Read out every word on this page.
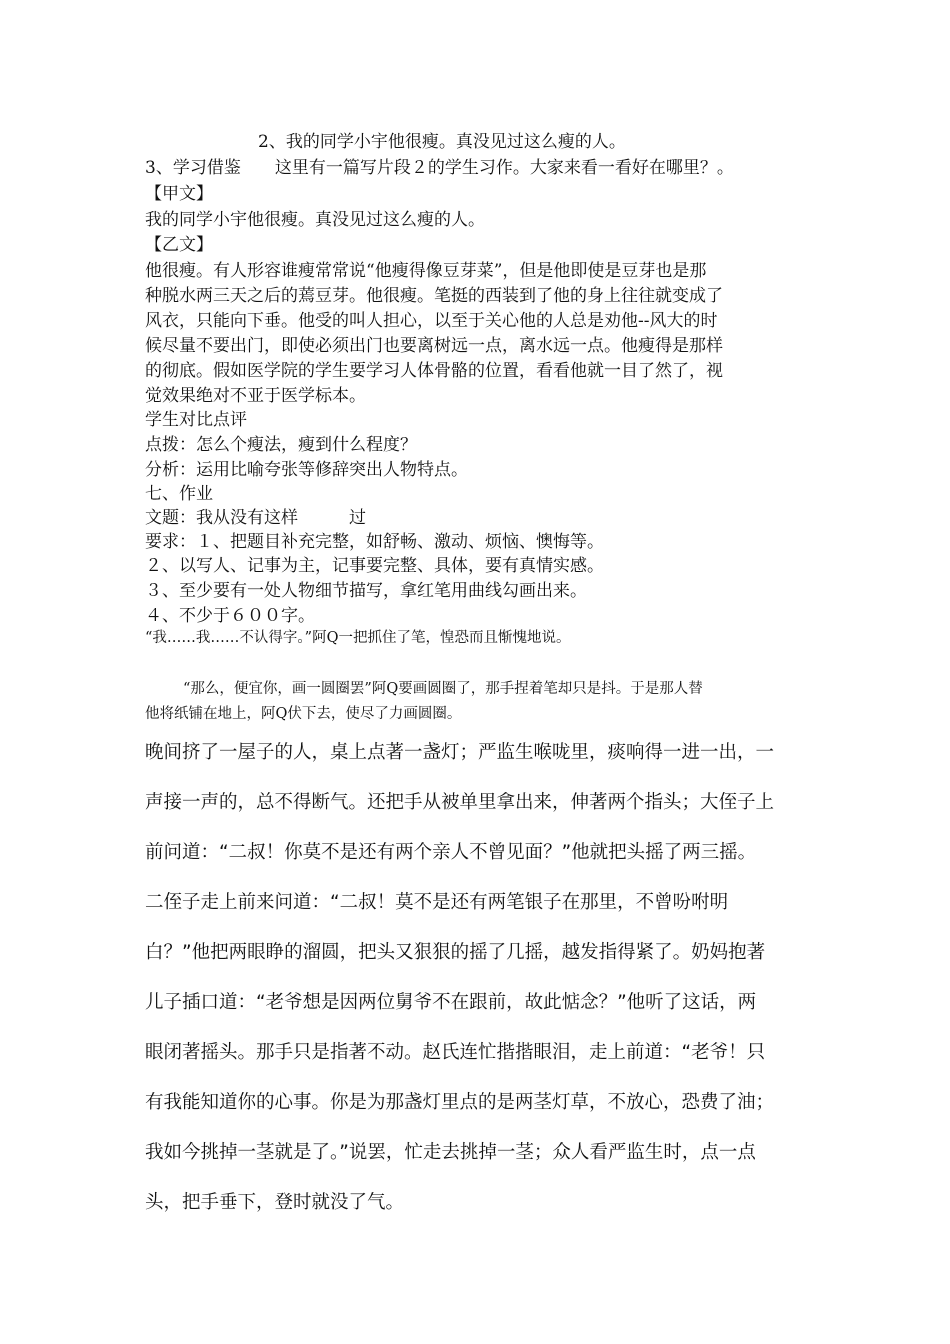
2、我的同学小宇他很瘦。真没见过这么瘦的人。
3、学习借鉴　　这里有一篇写片段２的学生习作。大家来看一看好在哪里？。
【甲文】
我的同学小宇他很瘦。真没见过这么瘦的人。
【乙文】
他很瘦。有人形容谁瘦常常说“他瘦得像豆芽菜”，但是他即使是豆芽也是那
种脱水两三天之后的蔫豆芽。他很瘦。笔挺的西装到了他的身上往往就变成了
风衣，只能向下垂。他受的叫人担心，以至于关心他的人总是劝他--风大的时
候尽量不要出门，即使必须出门也要离树远一点，离水远一点。他瘦得是那样
的彻底。假如医学院的学生要学习人体骨骼的位置，看看他就一目了然了，视
觉效果绝对不亚于医学标本。
学生对比点评
点拨：怎么个瘦法，瘦到什么程度？
分析：运用比喻夸张等修辞突出人物特点。
七、作业
文题：我从没有这样　　　过
要求：１、把题目补充完整，如舒畅、激动、烦恼、懊悔等。
２、以写人、记事为主，记事要完整、具体，要有真情实感。
３、至少要有一处人物细节描写，拿红笔用曲线勾画出来。
４、不少于６００字。
“我……我……不认得字。”阿Q一把抓住了笔，惶恐而且惭愧地说。
“那么，便宜你，画一圆圈罢”阿Q要画圆圈了，那手捏着笔却只是抖。于是那人替
他将纸铺在地上，阿Q伏下去，使尽了力画圆圈。
晚间挤了一屋子的人，桌上点著一盏灯；严监生喉咙里，痰响得一进一出，一
声接一声的，总不得断气。还把手从被单里拿出来，伸著两个指头；大侄子上
前问道：“二叔！你莫不是还有两个亲人不曾见面？”他就把头摇了两三摇。
二侄子走上前来问道：“二叔！莫不是还有两笔银子在那里，不曾吩咐明
白？”他把两眼睁的溜圆，把头又狠狠的摇了几摇，越发指得紧了。奶妈抱著
儿子插口道：“老爷想是因两位舅爷不在跟前，故此惦念？”他听了这话，两
眼闭著摇头。那手只是指著不动。赵氏连忙揩揩眼泪，走上前道：“老爷！只
有我能知道你的心事。你是为那盏灯里点的是两茎灯草，不放心，恐费了油；
我如今挑掉一茎就是了。”说罢，忙走去挑掉一茎；众人看严监生时，点一点
头，把手垂下，登时就没了气。
